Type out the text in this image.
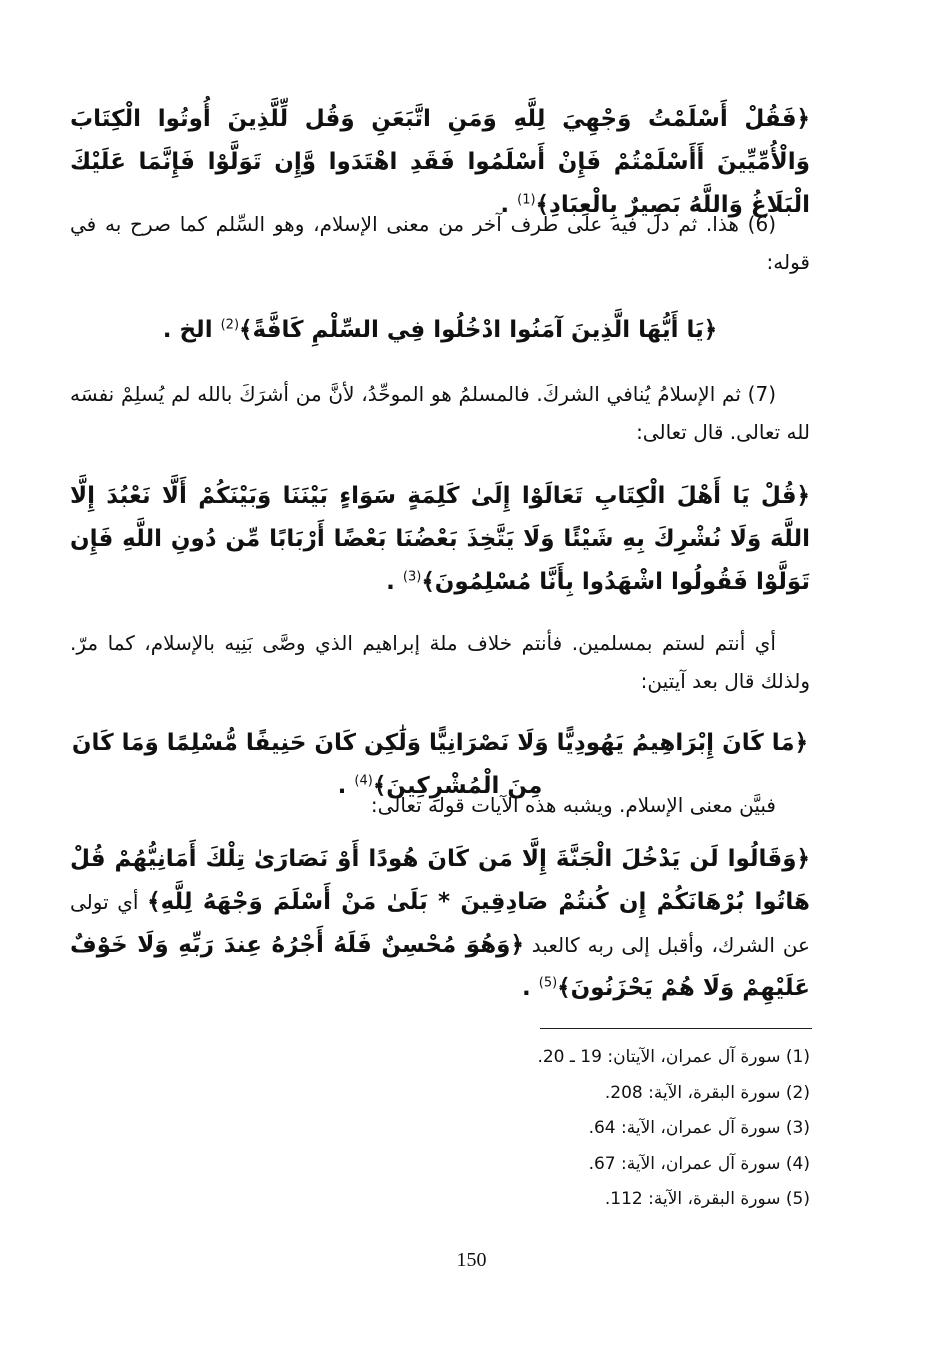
﴿فَقُلْ أَسْلَمْتُ وَجْهِيَ لِلَّهِ وَمَنِ اتَّبَعَنِ وَقُل لِّلَّذِينَ أُوتُوا الْكِتَابَ وَالْأُمِّيِّينَ أَأَسْلَمْتُمْ فَإِنْ أَسْلَمُوا فَقَدِ اهْتَدَوا وَّإِن تَوَلَّوْا فَإِنَّمَا عَلَيْكَ الْبَلَاغُ وَاللَّهُ بَصِيرٌ بِالْعِبَادِ﴾$^{(1)}$ .
(6) هذا. ثم دل فيه على طرف آخر من معنى الإسلام، وهو السِّلم كما صرح به في قوله:
﴿يَا أَيُّهَا الَّذِينَ آمَنُوا ادْخُلُوا فِي السِّلْمِ كَافَّةً﴾$^{(2)}$ الخ .
(7) ثم الإسلامُ يُنافي الشركَ. فالمسلمُ هو الموحِّدُ، لأنَّ من أشرَكَ بالله لم يُسلِمْ نفسَه لله تعالى. قال تعالى:
﴿قُلْ يَا أَهْلَ الْكِتَابِ تَعَالَوْا إِلَىٰ كَلِمَةٍ سَوَاءٍ بَيْنَنَا وَبَيْنَكُمْ أَلَّا نَعْبُدَ إِلَّا اللَّهَ وَلَا نُشْرِكَ بِهِ شَيْئًا وَلَا يَتَّخِذَ بَعْضُنَا بَعْضًا أَرْبَابًا مِّن دُونِ اللَّهِ فَإِن تَوَلَّوْا فَقُولُوا اشْهَدُوا بِأَنَّا مُسْلِمُونَ﴾$^{(3)}$ .
أي أنتم لستم بمسلمين. فأنتم خلاف ملة إبراهيم الذي وصَّى بَنِيه بالإسلام، كما مرّ. ولذلك قال بعد آيتين:
﴿مَا كَانَ إِبْرَاهِيمُ يَهُودِيًّا وَلَا نَصْرَانِيًّا وَلَٰكِن كَانَ حَنِيفًا مُّسْلِمًا وَمَا كَانَ مِنَ الْمُشْرِكِينَ﴾$^{(4)}$ .
فبيَّن معنى الإسلام. ويشبه هذه الآيات قوله تعالى:
﴿وَقَالُوا لَن يَدْخُلَ الْجَنَّةَ إِلَّا مَن كَانَ هُودًا أَوْ نَصَارَىٰ تِلْكَ أَمَانِيُّهُمْ قُلْ هَاتُوا بُرْهَانَكُمْ إِن كُنتُمْ صَادِقِينَ * بَلَىٰ مَنْ أَسْلَمَ وَجْهَهُ لِلَّهِ﴾ أي تولى عن الشرك، وأقبل إلى ربه كالعبد ﴿وَهُوَ مُحْسِنٌ فَلَهُ أَجْرُهُ عِندَ رَبِّهِ وَلَا خَوْفٌ عَلَيْهِمْ وَلَا هُمْ يَحْزَنُونَ﴾$^{(5)}$ .
(1) سورة آل عمران، الآيتان: 19 ـ 20.
(2) سورة البقرة، الآية: 208.
(3) سورة آل عمران، الآية: 64.
(4) سورة آل عمران، الآية: 67.
(5) سورة البقرة، الآية: 112.
150
